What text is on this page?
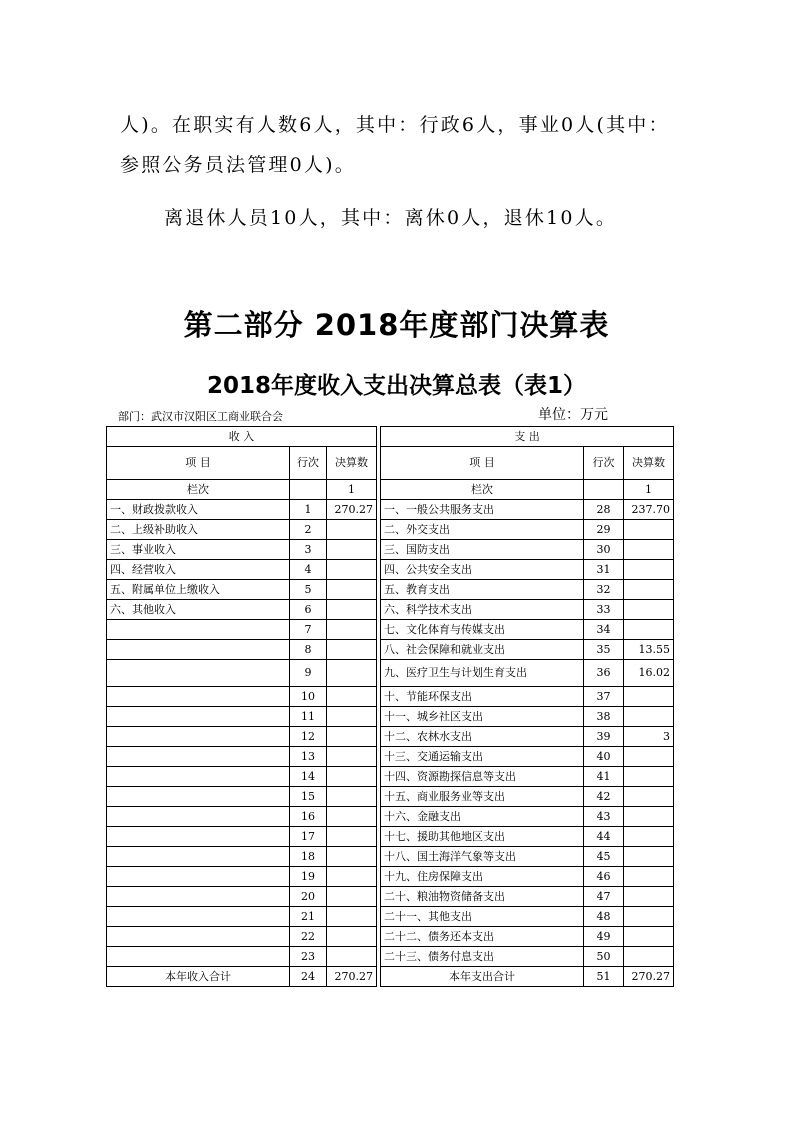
人)。在职实有人数6人，其中：行政6人，事业0人(其中：参照公务员法管理0人)。

离退休人员10人，其中：离休0人，退休10人。

第二部分 2018年度部门决算表
2018年度收入支出决算总表（表1）
部门：武汉市汉阳区工商业联合会	单位：万元
收 入				支 出		
项 目	行次	决算数		项 目	行次	决算数
栏次		1		栏次		1
一、财政拨款收入	1	270.27		一、一般公共服务支出	28	237.70
二、上级补助收入	2			二、外交支出	29	
三、事业收入	3			三、国防支出	30	
四、经营收入	4			四、公共安全支出	31	
五、附属单位上缴收入	5			五、教育支出	32	
六、其他收入	6			六、科学技术支出	33	
	7			七、文化体育与传媒支出	34	
	8			八、社会保障和就业支出	35	13.55
	9			九、医疗卫生与计划生育支出	36	16.02
	10			十、节能环保支出	37	
	11			十一、城乡社区支出	38	
	12			十二、农林水支出	39	3
	13			十三、交通运输支出	40	
	14			十四、资源勘探信息等支出	41	
	15			十五、商业服务业等支出	42	
	16			十六、金融支出	43	
	17			十七、援助其他地区支出	44	
	18			十八、国土海洋气象等支出	45	
	19			十九、住房保障支出	46	
	20			二十、粮油物资储备支出	47	
	21			二十一、其他支出	48	
	22			二十二、债务还本支出	49	
	23			二十三、债务付息支出	50	
本年收入合计	24	270.27		本年支出合计	51	270.27
